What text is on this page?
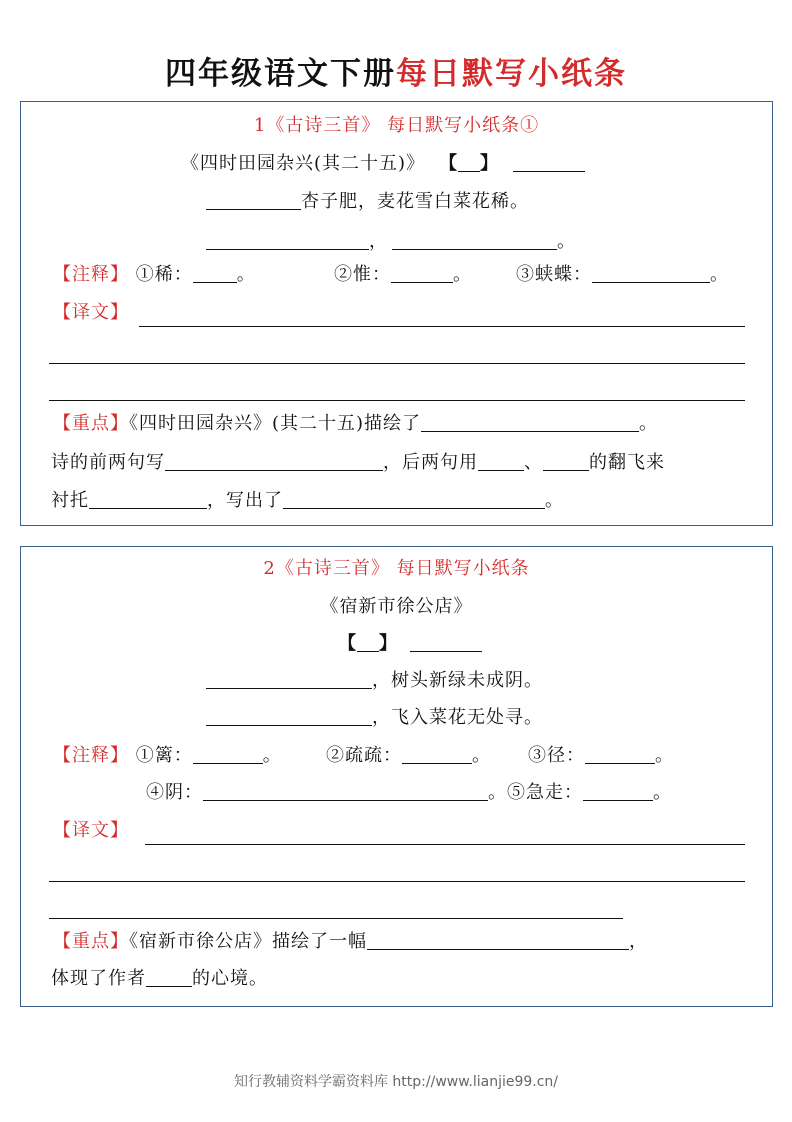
四年级语文下册每日默写小纸条
1《古诗三首》 每日默写小纸条①
《四时田园杂兴(其二十五)》 【 】
杏子肥，麦花雪白菜花稀。
，	。
【注释】 ①稀： 。	②惟：	。 ③蛱蝶：	。
【译文】
【重点】《四时田园杂兴》(其二十五)描绘了	。
诗的前两句写	，后两句用	、	的翻飞来
衬托	，写出了	。
2《古诗三首》 每日默写小纸条
《宿新市徐公店》
【 】
，树头新绿未成阴。
，飞入菜花无处寻。
【注释】 ①篱：	。 ②疏疏：	。 ③径：	。
④阴：	。⑤急走：	。
【译文】
【重点】《宿新市徐公店》描绘了一幅	，
体现了作者	的心境。
知行教辅资料学霸资料库 http://www.lianjie99.cn/
